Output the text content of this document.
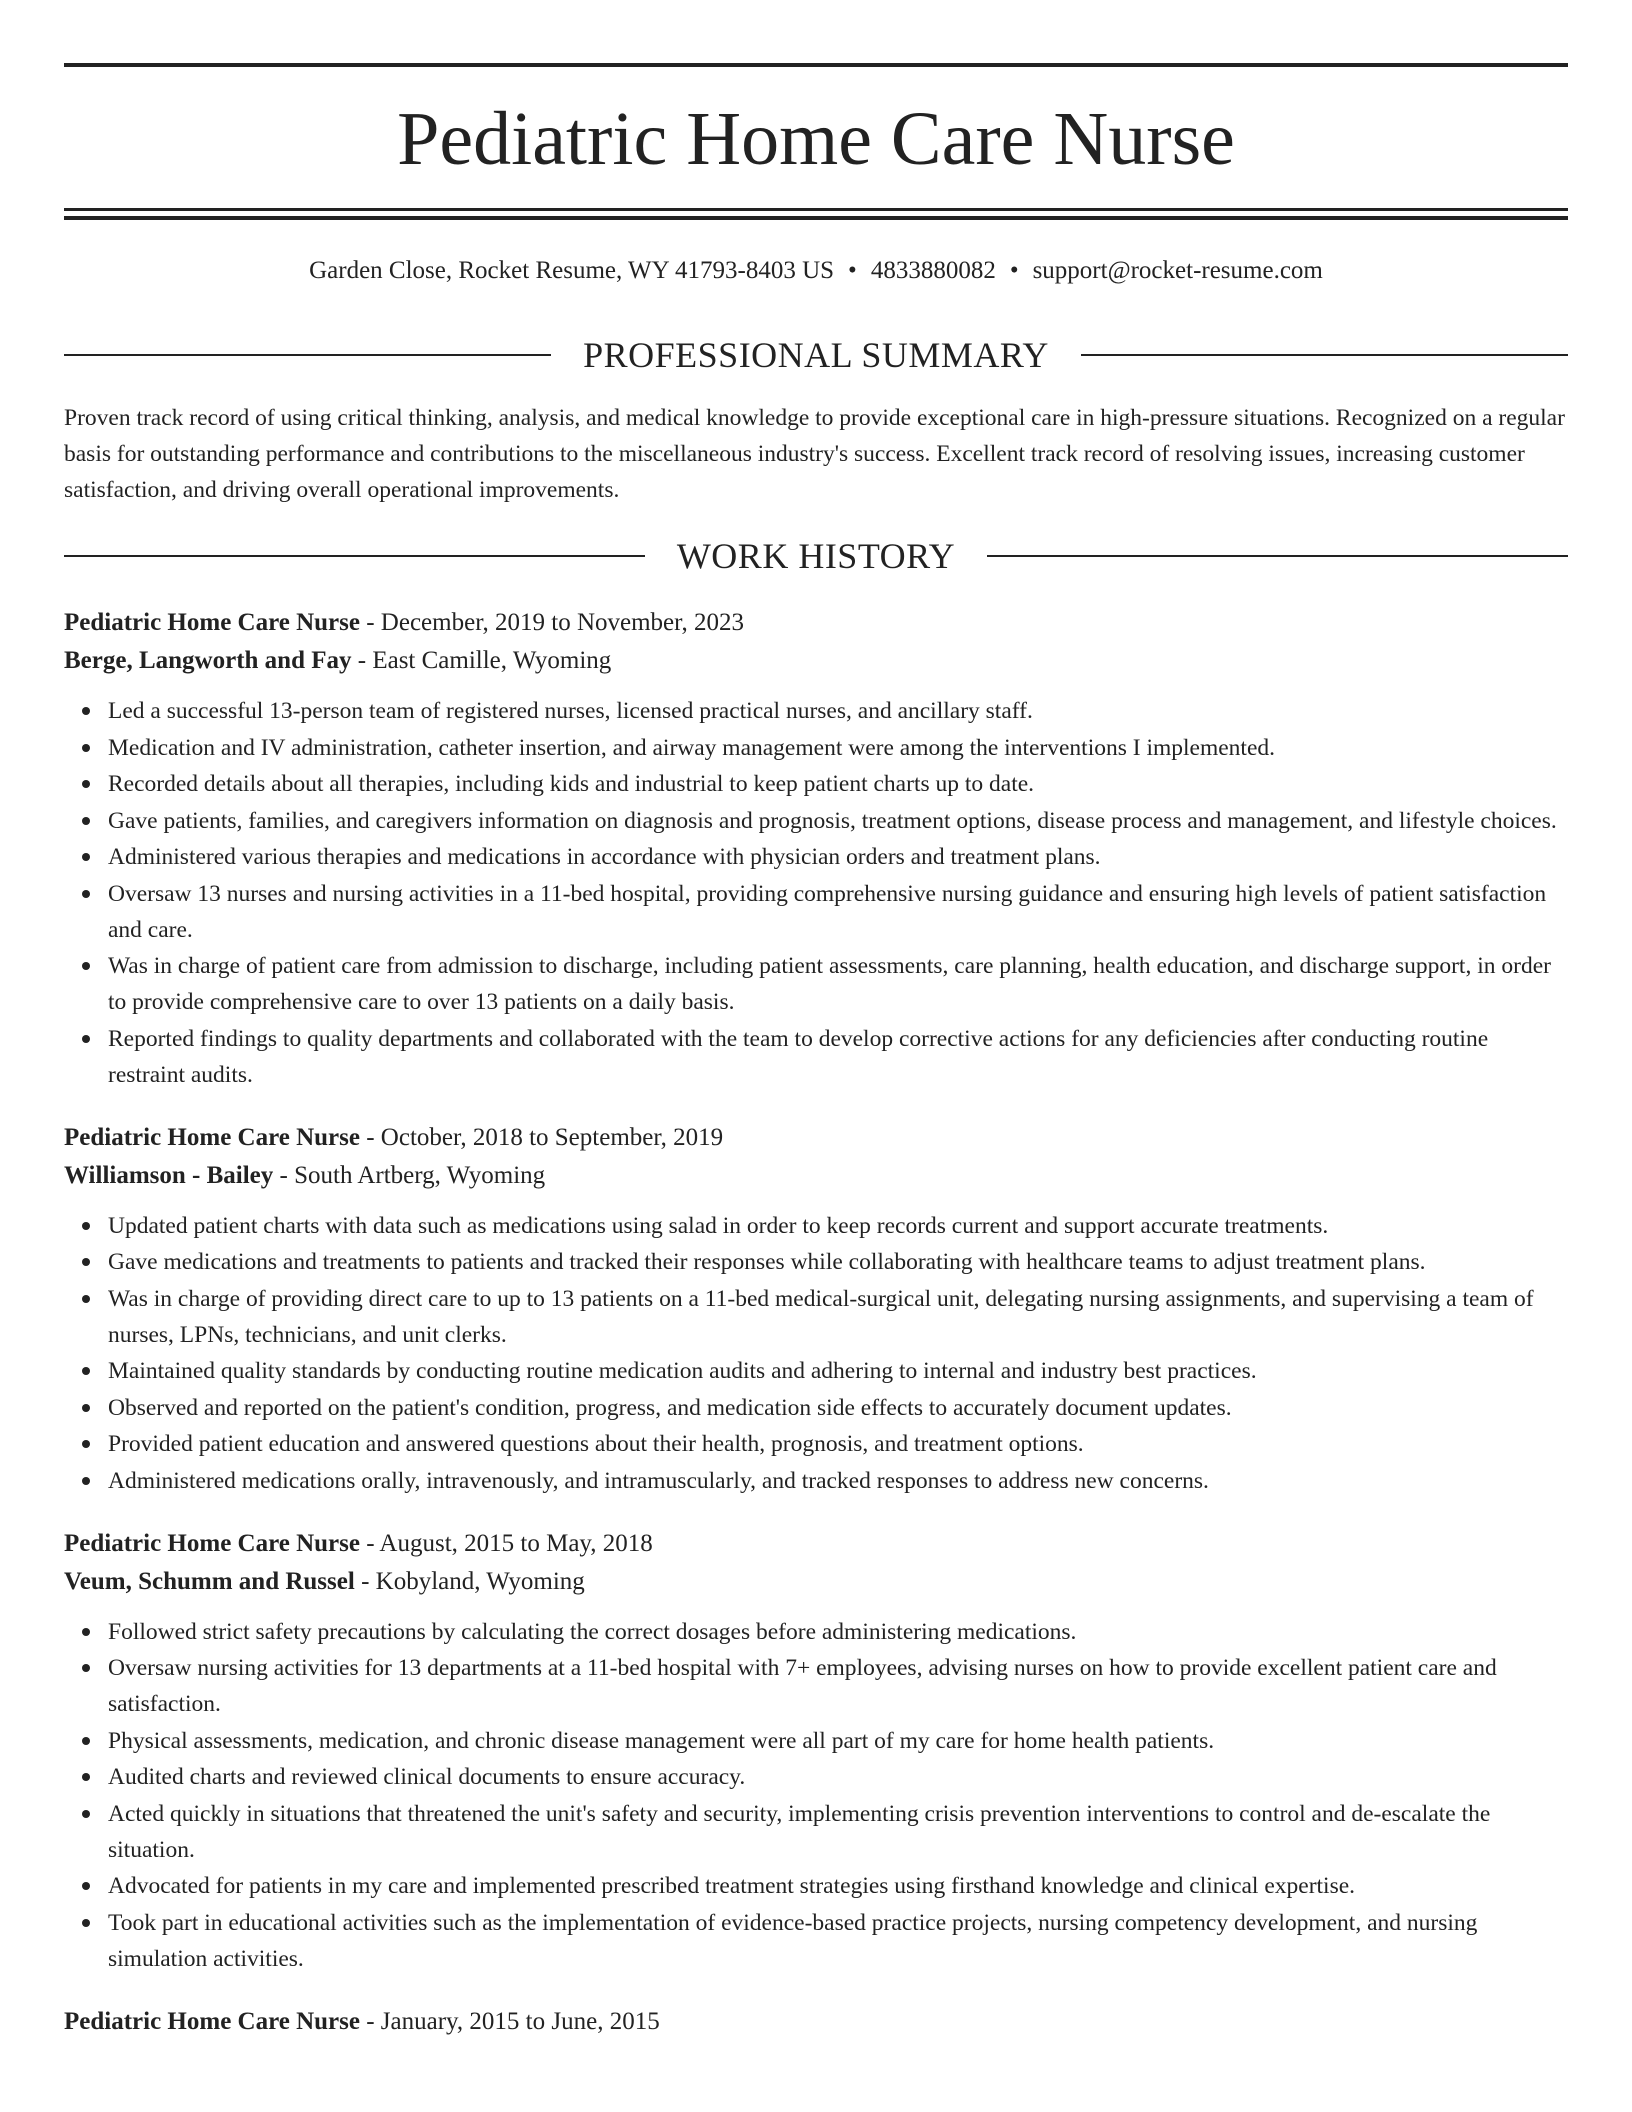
Pediatric Home Care Nurse
Garden Close, Rocket Resume, WY 41793-8403 US • 4833880082 • support@rocket-resume.com
PROFESSIONAL SUMMARY

Proven track record of using critical thinking, analysis, and medical knowledge to provide exceptional care in high-pressure situations. Recognized on a regular basis for outstanding performance and contributions to the miscellaneous industry's success. Excellent track record of resolving issues, increasing customer satisfaction, and driving overall operational improvements.

WORK HISTORY
Pediatric Home Care Nurse - December, 2019 to November, 2023
Berge, Langworth and Fay - East Camille, Wyoming
Led a successful 13-person team of registered nurses, licensed practical nurses, and ancillary staff.
Medication and IV administration, catheter insertion, and airway management were among the interventions I implemented.
Recorded details about all therapies, including kids and industrial to keep patient charts up to date.
Gave patients, families, and caregivers information on diagnosis and prognosis, treatment options, disease process and management, and lifestyle choices.
Administered various therapies and medications in accordance with physician orders and treatment plans.
Oversaw 13 nurses and nursing activities in a 11-bed hospital, providing comprehensive nursing guidance and ensuring high levels of patient satisfaction and care.
Was in charge of patient care from admission to discharge, including patient assessments, care planning, health education, and discharge support, in order to provide comprehensive care to over 13 patients on a daily basis.
Reported findings to quality departments and collaborated with the team to develop corrective actions for any deficiencies after conducting routine restraint audits.
Pediatric Home Care Nurse - October, 2018 to September, 2019
Williamson - Bailey - South Artberg, Wyoming
Updated patient charts with data such as medications using salad in order to keep records current and support accurate treatments.
Gave medications and treatments to patients and tracked their responses while collaborating with healthcare teams to adjust treatment plans.
Was in charge of providing direct care to up to 13 patients on a 11-bed medical-surgical unit, delegating nursing assignments, and supervising a team of nurses, LPNs, technicians, and unit clerks.
Maintained quality standards by conducting routine medication audits and adhering to internal and industry best practices.
Observed and reported on the patient's condition, progress, and medication side effects to accurately document updates.
Provided patient education and answered questions about their health, prognosis, and treatment options.
Administered medications orally, intravenously, and intramuscularly, and tracked responses to address new concerns.
Pediatric Home Care Nurse - August, 2015 to May, 2018
Veum, Schumm and Russel - Kobyland, Wyoming
Followed strict safety precautions by calculating the correct dosages before administering medications.
Oversaw nursing activities for 13 departments at a 11-bed hospital with 7+ employees, advising nurses on how to provide excellent patient care and satisfaction.
Physical assessments, medication, and chronic disease management were all part of my care for home health patients.
Audited charts and reviewed clinical documents to ensure accuracy.
Acted quickly in situations that threatened the unit's safety and security, implementing crisis prevention interventions to control and de-escalate the situation.
Advocated for patients in my care and implemented prescribed treatment strategies using firsthand knowledge and clinical expertise.
Took part in educational activities such as the implementation of evidence-based practice projects, nursing competency development, and nursing simulation activities.
Pediatric Home Care Nurse - January, 2015 to June, 2015
